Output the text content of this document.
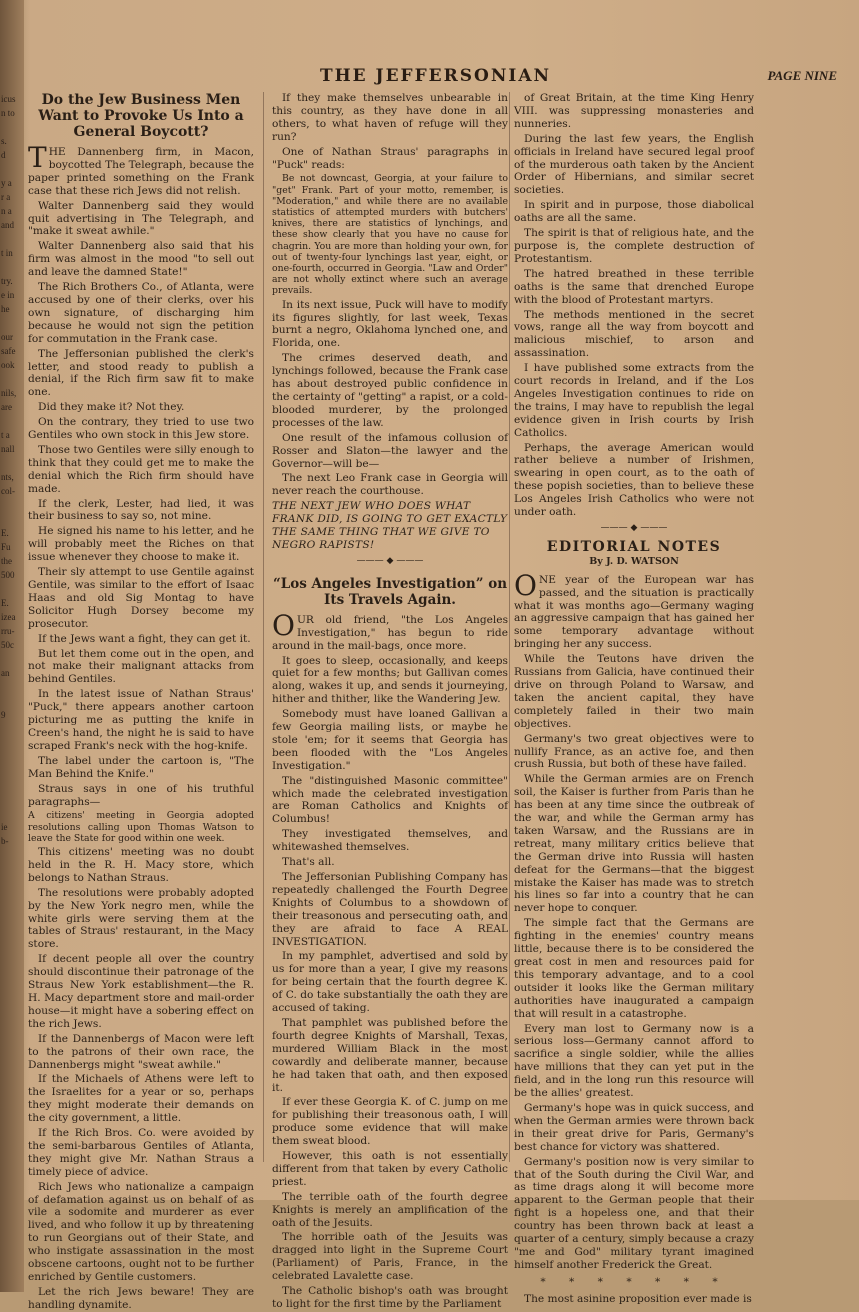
icus
n to

s.
d

y a
r a
n a
and

t in

try.
e in
he

our
safe
ook

nils,
are

t a
nall

nts,
col-

E.
Fu
the
500

E.
izea
rru-
50c

an

9

ie
b-

THE JEFFERSONIAN	PAGE NINE
Do the Jew Business Men Want to Provoke Us Into a General Boycott?

THE Dannenberg firm, in Macon, boycotted The Telegraph, because the paper printed something on the Frank case that these rich Jews did not relish.

Walter Dannenberg said they would quit advertising in The Telegraph, and "make it sweat awhile."

Walter Dannenberg also said that his firm was almost in the mood "to sell out and leave the damned State!"

The Rich Brothers Co., of Atlanta, were accused by one of their clerks, over his own signature, of discharging him because he would not sign the petition for commutation in the Frank case.

The Jeffersonian published the clerk's letter, and stood ready to publish a denial, if the Rich firm saw fit to make one.

Did they make it? Not they.

On the contrary, they tried to use two Gentiles who own stock in this Jew store.

Those two Gentiles were silly enough to think that they could get me to make the denial which the Rich firm should have made.

If the clerk, Lester, had lied, it was their business to say so, not mine.

He signed his name to his letter, and he will probably meet the Riches on that issue whenever they choose to make it.

Their sly attempt to use Gentile against Gentile, was similar to the effort of Isaac Haas and old Sig Montag to have Solicitor Hugh Dorsey become my prosecutor.

If the Jews want a fight, they can get it.

But let them come out in the open, and not make their malignant attacks from behind Gentiles.

In the latest issue of Nathan Straus' "Puck," there appears another cartoon picturing me as putting the knife in Creen's hand, the night he is said to have scraped Frank's neck with the hog-knife.

The label under the cartoon is, "The Man Behind the Knife."

Straus says in one of his truthful paragraphs—

A citizens' meeting in Georgia adopted resolutions calling upon Thomas Watson to leave the State for good within one week.

This citizens' meeting was no doubt held in the R. H. Macy store, which belongs to Nathan Straus.

The resolutions were probably adopted by the New York negro men, while the white girls were serving them at the tables of Straus' restaurant, in the Macy store.

If decent people all over the country should discontinue their patronage of the Straus New York establishment—the R. H. Macy department store and mail-order house—it might have a sobering effect on the rich Jews.

If the Dannenbergs of Macon were left to the patrons of their own race, the Dannenbergs might "sweat awhile."

If the Michaels of Athens were left to the Israelites for a year or so, perhaps they might moderate their demands on the city government, a little.

If the Rich Bros. Co. were avoided by the semi-barbarous Gentiles of Atlanta, they might give Mr. Nathan Straus a timely piece of advice.

Rich Jews who nationalize a campaign of defamation against us on behalf of as vile a sodomite and murderer as ever lived, and who follow it up by threatening to run Georgians out of their State, and who instigate assassination in the most obscene cartoons, ought not to be further enriched by Gentile customers.

Let the rich Jews beware! They are handling dynamite.

If they make themselves unbearable in this country, as they have done in all others, to what haven of refuge will they run?

One of Nathan Straus' paragraphs in "Puck" reads:

Be not downcast, Georgia, at your failure to "get" Frank. Part of your motto, remember, is "Moderation," and while there are no available statistics of attempted murders with butchers' knives, there are statistics of lynchings, and these show clearly that you have no cause for chagrin. You are more than holding your own, for out of twenty-four lynchings last year, eight, or one-fourth, occurred in Georgia. "Law and Order" are not wholly extinct where such an average prevails.

In its next issue, Puck will have to modify its figures slightly, for last week, Texas burnt a negro, Oklahoma lynched one, and Florida, one.

The crimes deserved death, and lynchings followed, because the Frank case has about destroyed public confidence in the certainty of "getting" a rapist, or a cold-blooded murderer, by the prolonged processes of the law.

One result of the infamous collusion of Rosser and Slaton—the lawyer and the Governor—will be—

The next Leo Frank case in Georgia will never reach the courthouse.

THE NEXT JEW WHO DOES WHAT FRANK DID, IS GOING TO GET EXACTLY THE SAME THING THAT WE GIVE TO NEGRO RAPISTS!

——— ◆ ———
“Los Angeles Investigation” on Its Travels Again.

OUR old friend, "the Los Angeles Investigation," has begun to ride around in the mail-bags, once more.

It goes to sleep, occasionally, and keeps quiet for a few months; but Gallivan comes along, wakes it up, and sends it journeying, hither and thither, like the Wandering Jew.

Somebody must have loaned Gallivan a few Georgia mailing lists, or maybe he stole 'em; for it seems that Georgia has been flooded with the "Los Angeles Investigation."

The "distinguished Masonic committee" which made the celebrated investigation are Roman Catholics and Knights of Columbus!

They investigated themselves, and whitewashed themselves.

That's all.

The Jeffersonian Publishing Company has repeatedly challenged the Fourth Degree Knights of Columbus to a showdown of their treasonous and persecuting oath, and they are afraid to face A REAL INVESTIGATION.

In my pamphlet, advertised and sold by us for more than a year, I give my reasons for being certain that the fourth degree K. of C. do take substantially the oath they are accused of taking.

That pamphlet was published before the fourth degree Knights of Marshall, Texas, murdered William Black in the most cowardly and deliberate manner, because he had taken that oath, and then exposed it.

If ever these Georgia K. of C. jump on me for publishing their treasonous oath, I will produce some evidence that will make them sweat blood.

However, this oath is not essentially different from that taken by every Catholic priest.

The terrible oath of the fourth degree Knights is merely an amplification of the oath of the Jesuits.

The horrible oath of the Jesuits was dragged into light in the Supreme Court (Parliament) of Paris, France, in the celebrated Lavalette case.

The Catholic bishop's oath was brought to light for the first time by the Parliament

of Great Britain, at the time King Henry VIII. was suppressing monasteries and nunneries.

During the last few years, the English officials in Ireland have secured legal proof of the murderous oath taken by the Ancient Order of Hibernians, and similar secret societies.

In spirit and in purpose, those diabolical oaths are all the same.

The spirit is that of religious hate, and the purpose is, the complete destruction of Protestantism.

The hatred breathed in these terrible oaths is the same that drenched Europe with the blood of Protestant martyrs.

The methods mentioned in the secret vows, range all the way from boycott and malicious mischief, to arson and assassination.

I have published some extracts from the court records in Ireland, and if the Los Angeles Investigation continues to ride on the trains, I may have to republish the legal evidence given in Irish courts by Irish Catholics.

Perhaps, the average American would rather believe a number of Irishmen, swearing in open court, as to the oath of these popish societies, than to believe these Los Angeles Irish Catholics who were not under oath.

——— ◆ ———
EDITORIAL NOTES
By J. D. WATSON

ONE year of the European war has passed, and the situation is practically what it was months ago—Germany waging an aggressive campaign that has gained her some temporary advantage without bringing her any success.

While the Teutons have driven the Russians from Galicia, have continued their drive on through Poland to Warsaw, and taken the ancient capital, they have completely failed in their two main objectives.

Germany's two great objectives were to nullify France, as an active foe, and then crush Russia, but both of these have failed.

While the German armies are on French soil, the Kaiser is further from Paris than he has been at any time since the outbreak of the war, and while the German army has taken Warsaw, and the Russians are in retreat, many military critics believe that the German drive into Russia will hasten defeat for the Germans—that the biggest mistake the Kaiser has made was to stretch his lines so far into a country that he can never hope to conquer.

The simple fact that the Germans are fighting in the enemies' country means little, because there is to be considered the great cost in men and resources paid for this temporary advantage, and to a cool outsider it looks like the German military authorities have inaugurated a campaign that will result in a catastrophe.

Every man lost to Germany now is a serious loss—Germany cannot afford to sacrifice a single soldier, while the allies have millions that they can yet put in the field, and in the long run this resource will be the allies' greatest.

Germany's hope was in quick success, and when the German armies were thrown back in their great drive for Paris, Germany's best chance for victory was shattered.

Germany's position now is very similar to that of the South during the Civil War, and as time drags along it will become more apparent to the German people that their fight is a hopeless one, and that their country has been thrown back at least a quarter of a century, simply because a crazy "me and God" military tyrant imagined himself another Frederick the Great.

* * * * * * *

The most asinine proposition ever made is
